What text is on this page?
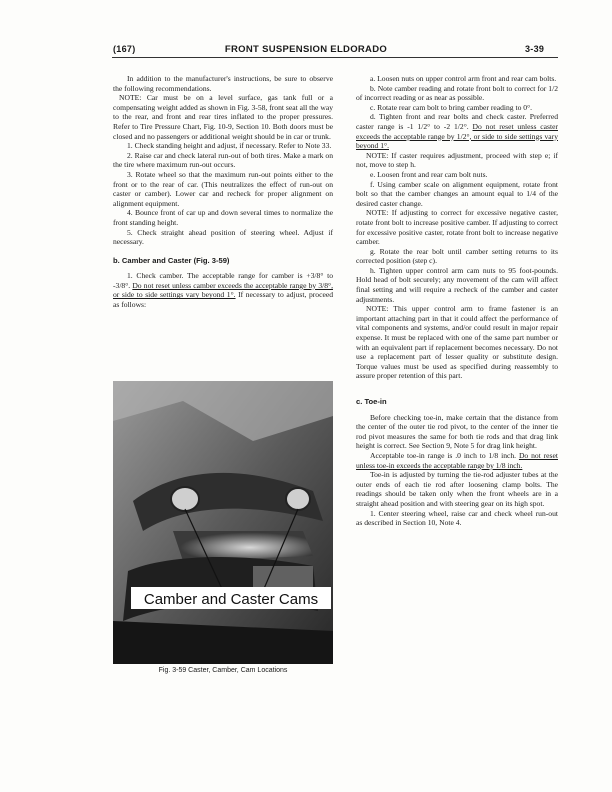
(167)	FRONT SUSPENSION ELDORADO	3-39

In addition to the manufacturer's instructions, be sure to observe the following recommendations.

NOTE: Car must be on a level surface, gas tank full or a compensating weight added as shown in Fig. 3-58, front seat all the way to the rear, and front and rear tires inflated to the proper pressures. Refer to Tire Pressure Chart, Fig. 10-9, Section 10. Both doors must be closed and no passengers or additional weight should be in car or trunk.

1. Check standing height and adjust, if necessary. Refer to Note 33.

2. Raise car and check lateral run-out of both tires. Make a mark on the tire where maximum run-out occurs.

3. Rotate wheel so that the maximum run-out points either to the front or to the rear of car. (This neutralizes the effect of run-out on caster or camber). Lower car and recheck for proper alignment on alignment equipment.

4. Bounce front of car up and down several times to normalize the front standing height.

5. Check straight ahead position of steering wheel. Adjust if necessary.

b. Camber and Caster (Fig. 3-59)

1. Check camber. The acceptable range for camber is +3/8° to -3/8°. Do not reset unless camber exceeds the acceptable range by 3/8°, or side to side settings vary beyond 1°. If necessary to adjust, proceed as follows:

Camber and Caster Cams
Fig. 3-59 Caster, Camber, Cam Locations

a. Loosen nuts on upper control arm front and rear cam bolts.

b. Note camber reading and rotate front bolt to correct for 1/2 of incorrect reading or as near as possible.

c. Rotate rear cam bolt to bring camber reading to 0°.

d. Tighten front and rear bolts and check caster. Preferred caster range is -1 1/2° to -2 1/2°. Do not reset unless caster exceeds the acceptable range by 1/2°, or side to side settings vary beyond 1°.

NOTE: If caster requires adjustment, proceed with step e; if not, move to step h.

e. Loosen front and rear cam bolt nuts.

f. Using camber scale on alignment equipment, rotate front bolt so that the camber changes an amount equal to 1/4 of the desired caster change.

NOTE: If adjusting to correct for excessive negative caster, rotate front bolt to increase positive camber. If adjusting to correct for excessive positive caster, rotate front bolt to increase negative camber.

g. Rotate the rear bolt until camber setting returns to its corrected position (step c).

h. Tighten upper control arm cam nuts to 95 foot-pounds. Hold head of bolt securely; any movement of the cam will affect final setting and will require a recheck of the camber and caster adjustments.

NOTE: This upper control arm to frame fastener is an important attaching part in that it could affect the performance of vital components and systems, and/or could result in major repair expense. It must be replaced with one of the same part number or with an equivalent part if replacement becomes necessary. Do not use a replacement part of lesser quality or substitute design. Torque values must be used as specified during reassembly to assure proper retention of this part.

c. Toe-in

Before checking toe-in, make certain that the distance from the center of the outer tie rod pivot, to the center of the inner tie rod pivot measures the same for both tie rods and that drag link height is correct. See Section 9, Note 5 for drag link height.

Acceptable toe-in range is .0 inch to 1/8 inch. Do not reset unless toe-in exceeds the acceptable range by 1/8 inch.

Toe-in is adjusted by turning the tie-rod adjuster tubes at the outer ends of each tie rod after loosening clamp bolts. The readings should be taken only when the front wheels are in a straight ahead position and with steering gear on its high spot.

1. Center steering wheel, raise car and check wheel run-out as described in Section 10, Note 4.
